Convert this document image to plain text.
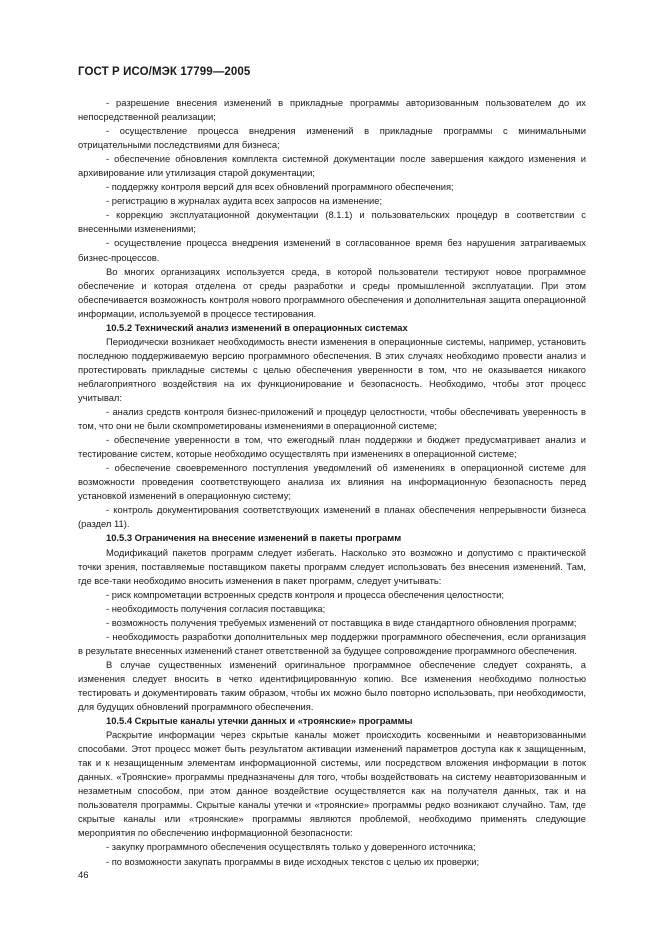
ГОСТ Р ИСО/МЭК 17799—2005

- разрешение внесения изменений в прикладные программы авторизованным пользователем до их непосредственной реализации;

- осуществление процесса внедрения изменений в прикладные программы с минимальными отрицательными последствиями для бизнеса;

- обеспечение обновления комплекта системной документации после завершения каждого изменения и архивирование или утилизация старой документации;

- поддержку контроля версий для всех обновлений программного обеспечения;

- регистрацию в журналах аудита всех запросов на изменение;

- коррекцию эксплуатационной документации (8.1.1) и пользовательских процедур в соответствии с внесенными изменениями;

- осуществление процесса внедрения изменений в согласованное время без нарушения затрагиваемых бизнес-процессов.

Во многих организациях используется среда, в которой пользователи тестируют новое программное обеспечение и которая отделена от среды разработки и среды промышленной эксплуатации. При этом обеспечивается возможность контроля нового программного обеспечения и дополнительная защита операционной информации, используемой в процессе тестирования.

10.5.2 Технический анализ изменений в операционных системах

Периодически возникает необходимость внести изменения в операционные системы, например, установить последнюю поддерживаемую версию программного обеспечения. В этих случаях необходимо провести анализ и протестировать прикладные системы с целью обеспечения уверенности в том, что не оказывается никакого неблагоприятного воздействия на их функционирование и безопасность. Необходимо, чтобы этот процесс учитывал:

- анализ средств контроля бизнес-приложений и процедур целостности, чтобы обеспечивать уверенность в том, что они не были скомпрометированы изменениями в операционной системе;

- обеспечение уверенности в том, что ежегодный план поддержки и бюджет предусматривает анализ и тестирование систем, которые необходимо осуществлять при изменениях в операционной системе;

- обеспечение своевременного поступления уведомлений об изменениях в операционной системе для возможности проведения соответствующего анализа их влияния на информационную безопасность перед установкой изменений в операционную систему;

- контроль документирования соответствующих изменений в планах обеспечения непрерывности бизнеса (раздел 11).

10.5.3 Ограничения на внесение изменений в пакеты программ

Модификаций пакетов программ следует избегать. Насколько это возможно и допустимо с практической точки зрения, поставляемые поставщиком пакеты программ следует использовать без внесения изменений. Там, где все-таки необходимо вносить изменения в пакет программ, следует учитывать:

- риск компрометации встроенных средств контроля и процесса обеспечения целостности;

- необходимость получения согласия поставщика;

- возможность получения требуемых изменений от поставщика в виде стандартного обновления программ;

- необходимость разработки дополнительных мер поддержки программного обеспечения, если организация в результате внесенных изменений станет ответственной за будущее сопровождение программного обеспечения.

В случае существенных изменений оригинальное программное обеспечение следует сохранять, а изменения следует вносить в четко идентифицированную копию. Все изменения необходимо полностью тестировать и документировать таким образом, чтобы их можно было повторно использовать, при необходимости, для будущих обновлений программного обеспечения.

10.5.4 Скрытые каналы утечки данных и «троянские» программы

Раскрытие информации через скрытые каналы может происходить косвенными и неавторизованными способами. Этот процесс может быть результатом активации изменений параметров доступа как к защищенным, так и к незащищенным элементам информационной системы, или посредством вложения информации в поток данных. «Троянские» программы предназначены для того, чтобы воздействовать на систему неавторизованным и незаметным способом, при этом данное воздействие осуществляется как на получателя данных, так и на пользователя программы. Скрытые каналы утечки и «троянские» программы редко возникают случайно. Там, где скрытые каналы или «троянские» программы являются проблемой, необходимо применять следующие мероприятия по обеспечению информационной безопасности:

- закупку программного обеспечения осуществлять только у доверенного источника;

- по возможности закупать программы в виде исходных текстов с целью их проверки;

46
